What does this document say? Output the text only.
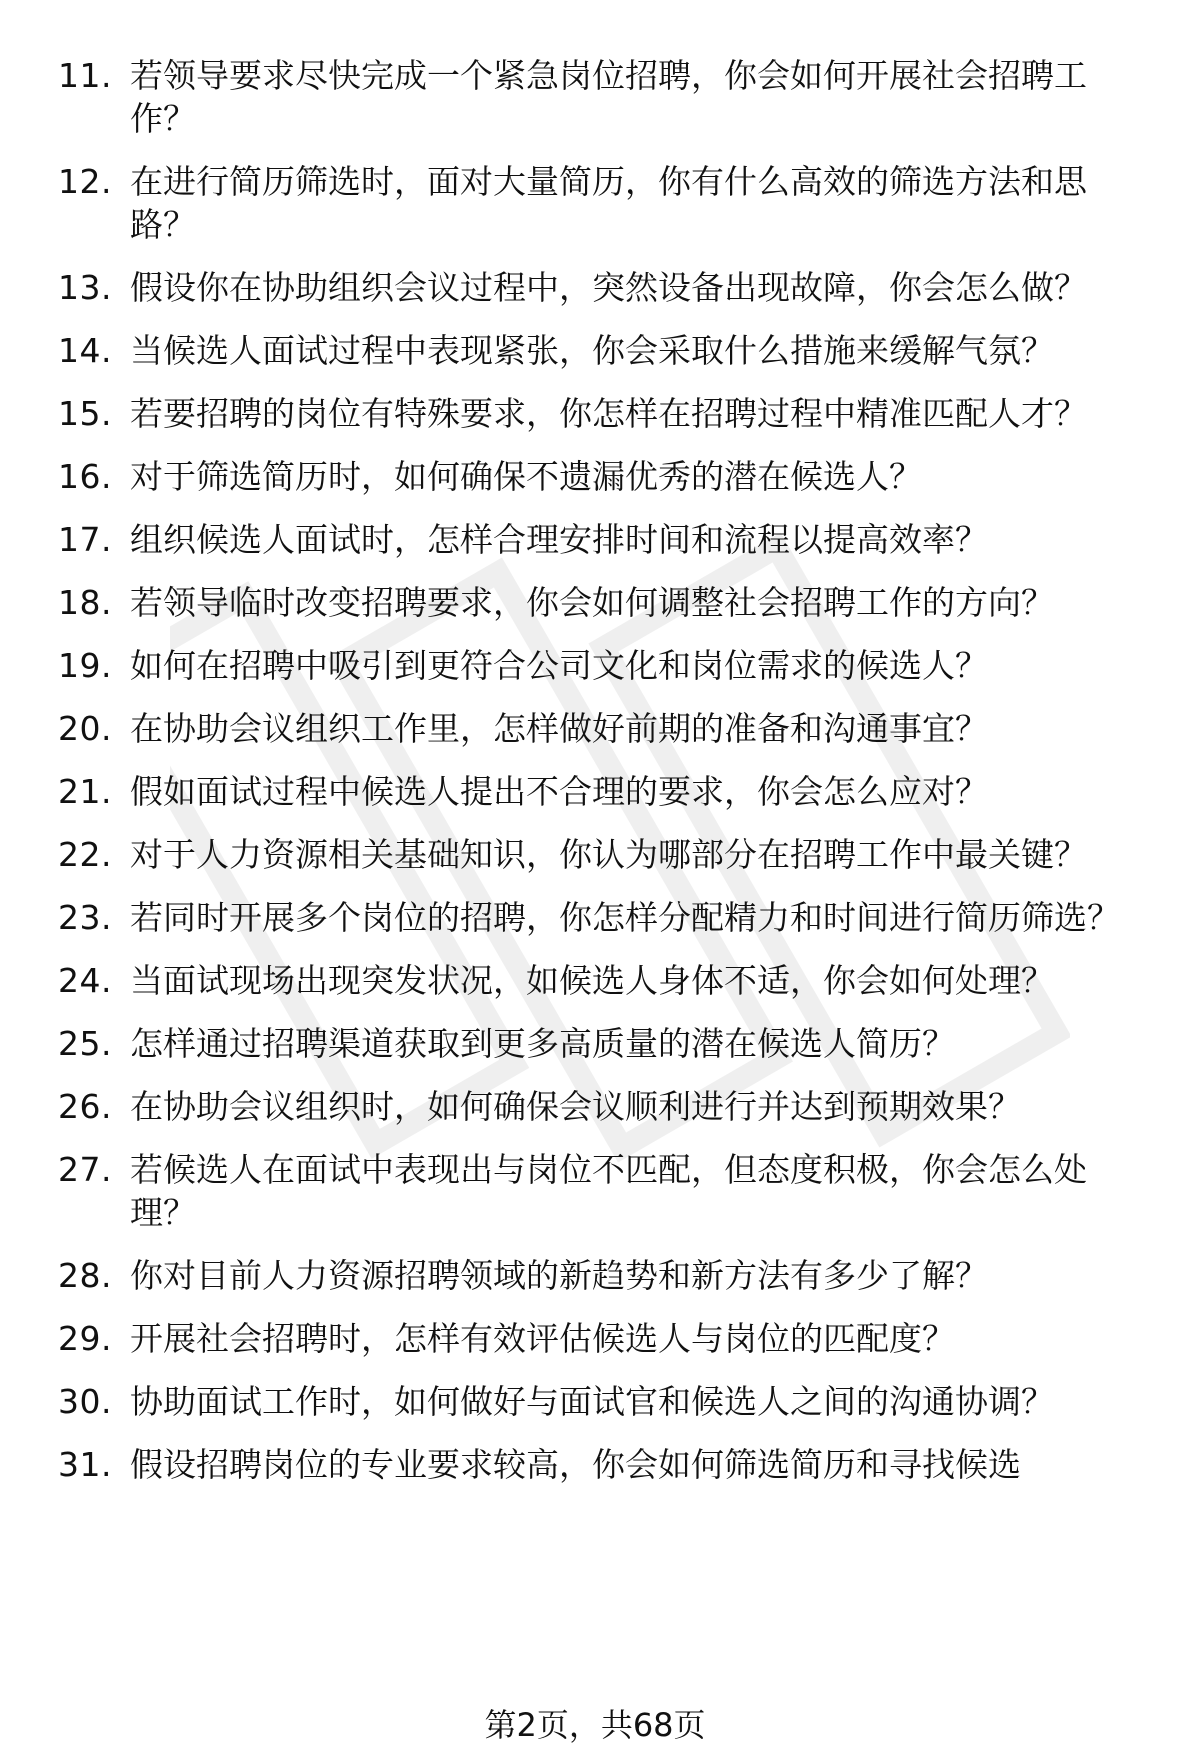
11. 若领导要求尽快完成一个紧急岗位招聘，你会如何开展社会招聘工作？
12. 在进行简历筛选时，面对大量简历，你有什么高效的筛选方法和思路？
13. 假设你在协助组织会议过程中，突然设备出现故障，你会怎么做？
14. 当候选人面试过程中表现紧张，你会采取什么措施来缓解气氛？
15. 若要招聘的岗位有特殊要求，你怎样在招聘过程中精准匹配人才？
16. 对于筛选简历时，如何确保不遗漏优秀的潜在候选人？
17. 组织候选人面试时，怎样合理安排时间和流程以提高效率？
18. 若领导临时改变招聘要求，你会如何调整社会招聘工作的方向？
19. 如何在招聘中吸引到更符合公司文化和岗位需求的候选人？
20. 在协助会议组织工作里，怎样做好前期的准备和沟通事宜？
21. 假如面试过程中候选人提出不合理的要求，你会怎么应对？
22. 对于人力资源相关基础知识，你认为哪部分在招聘工作中最关键？
23. 若同时开展多个岗位的招聘，你怎样分配精力和时间进行简历筛选？
24. 当面试现场出现突发状况，如候选人身体不适，你会如何处理？
25. 怎样通过招聘渠道获取到更多高质量的潜在候选人简历？
26. 在协助会议组织时，如何确保会议顺利进行并达到预期效果？
27. 若候选人在面试中表现出与岗位不匹配，但态度积极，你会怎么处理？
28. 你对目前人力资源招聘领域的新趋势和新方法有多少了解？
29. 开展社会招聘时，怎样有效评估候选人与岗位的匹配度？
30. 协助面试工作时，如何做好与面试官和候选人之间的沟通协调？
31. 假设招聘岗位的专业要求较高，你会如何筛选简历和寻找候选
第2页，共68页
